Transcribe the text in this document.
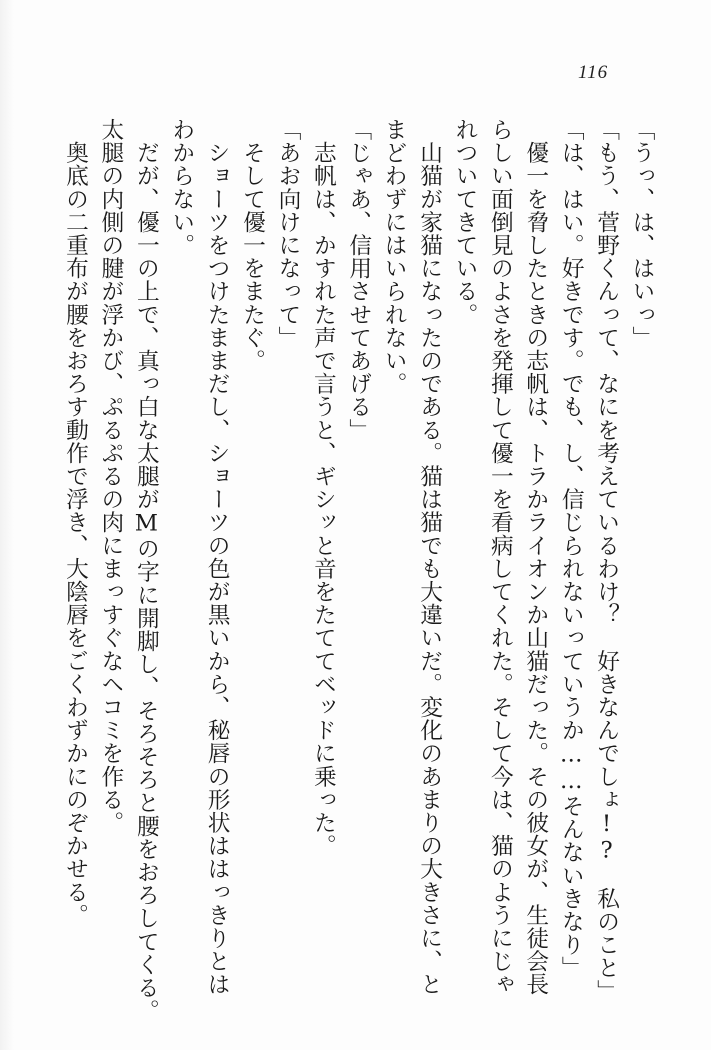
116
「うっ、は、はいっ」
「もう、菅野くんって、なにを考えているわけ？　好きなんでしょ!?　私のこと」
「は、はい。好きです。でも、し、信じられないっていうか……そんないきなり」
　優一を脅したときの志帆は、トラかライオンか山猫だった。その彼女が、生徒会長
らしい面倒見のよさを発揮して優一を看病してくれた。そして今は、猫のようにじゃ
れついてきている。
　山猫が家猫になったのである。猫は猫でも大違いだ。変化のあまりの大きさに、と
まどわずにはいられない。
「じゃあ、信用させてあげる」
　志帆は、かすれた声で言うと、ギシッと音をたててベッドに乗った。
「あお向けになって」
　そして優一をまたぐ。
　ショーツをつけたままだし、ショーツの色が黒いから、秘唇の形状ははっきりとは
わからない。
　だが、優一の上で、真っ白な太腿がMの字に開脚し、そろそろと腰をおろしてくる。
太腿の内側の腱が浮かび、ぷるぷるの肉にまっすぐなヘコミを作る。
　奥底の二重布が腰をおろす動作で浮き、大陰唇をごくわずかにのぞかせる。
